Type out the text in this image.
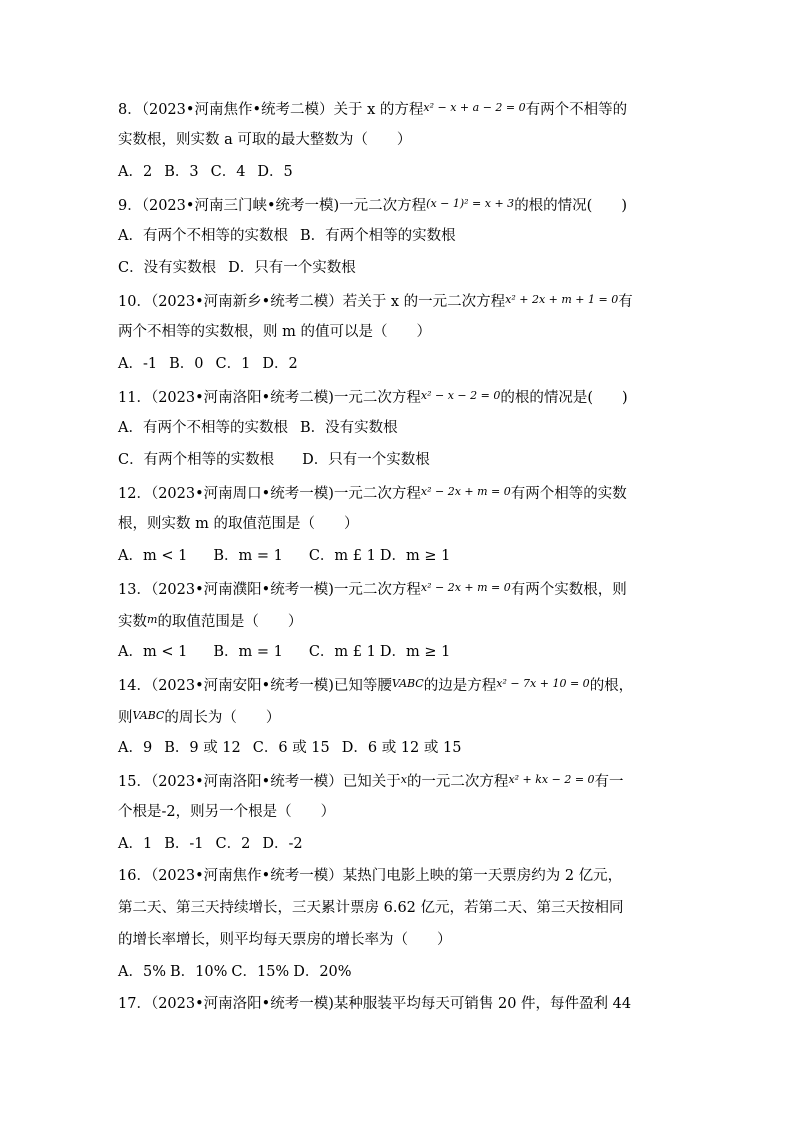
8．（2023•河南焦作•统考二模）关于 x 的方程$^{x^2 - x + a - 2 = 0}$有两个不相等的
实数根，则实数 a 可取的最大整数为（　　）
A．2 B．3 C．4 D．5
9．（2023•河南三门峡•统考一模)一元二次方程$^{(x - 1)^2 = x + 3}$的根的情况(　　)
A．有两个不相等的实数根 B．有两个相等的实数根
C．没有实数根 D．只有一个实数根
10．（2023•河南新乡•统考二模）若关于 x 的一元二次方程$^{x^2 + 2x + m + 1 = 0}$有
两个不相等的实数根，则 m 的值可以是（　　）
A．-1 B．0 C．1 D．2
11．（2023•河南洛阳•统考二模)一元二次方程$^{x^2 - x - 2 = 0}$的根的情况是(　　)
A．有两个不相等的实数根 B．没有实数根
C．有两个相等的实数根 D．只有一个实数根
12．（2023•河南周口•统考一模)一元二次方程$^{x^2 - 2x + m = 0}$有两个相等的实数
根，则实数 m 的取值范围是（　　）
A．m < 1 B．m = 1 C．m £ 1 D．m ≥ 1
13．（2023•河南濮阳•统考一模)一元二次方程$^{x^2 - 2x + m = 0}$有两个实数根，则
实数$^m$的取值范围是（　　）
A．m < 1 B．m = 1 C．m £ 1 D．m ≥ 1
14．（2023•河南安阳•统考一模)已知等腰$^{VABC}$的边是方程$^{x^2 - 7x + 10 = 0}$的根，
则$^{VABC}$的周长为（　　）
A．9 B．9 或 12 C．6 或 15 D．6 或 12 或 15
15．（2023•河南洛阳•统考一模）已知关于$^x$的一元二次方程$^{x^2 + kx - 2 = 0}$有一
个根是-2，则另一个根是（　　）
A．1 B．-1 C．2 D．-2
16．（2023•河南焦作•统考一模）某热门电影上映的第一天票房约为 2 亿元，
第二天、第三天持续增长，三天累计票房 6.62 亿元，若第二天、第三天按相同
的增长率增长，则平均每天票房的增长率为（　　）
A．5% B．10% C．15% D．20%
17．（2023•河南洛阳•统考一模)某种服装平均每天可销售 20 件，每件盈利 44
